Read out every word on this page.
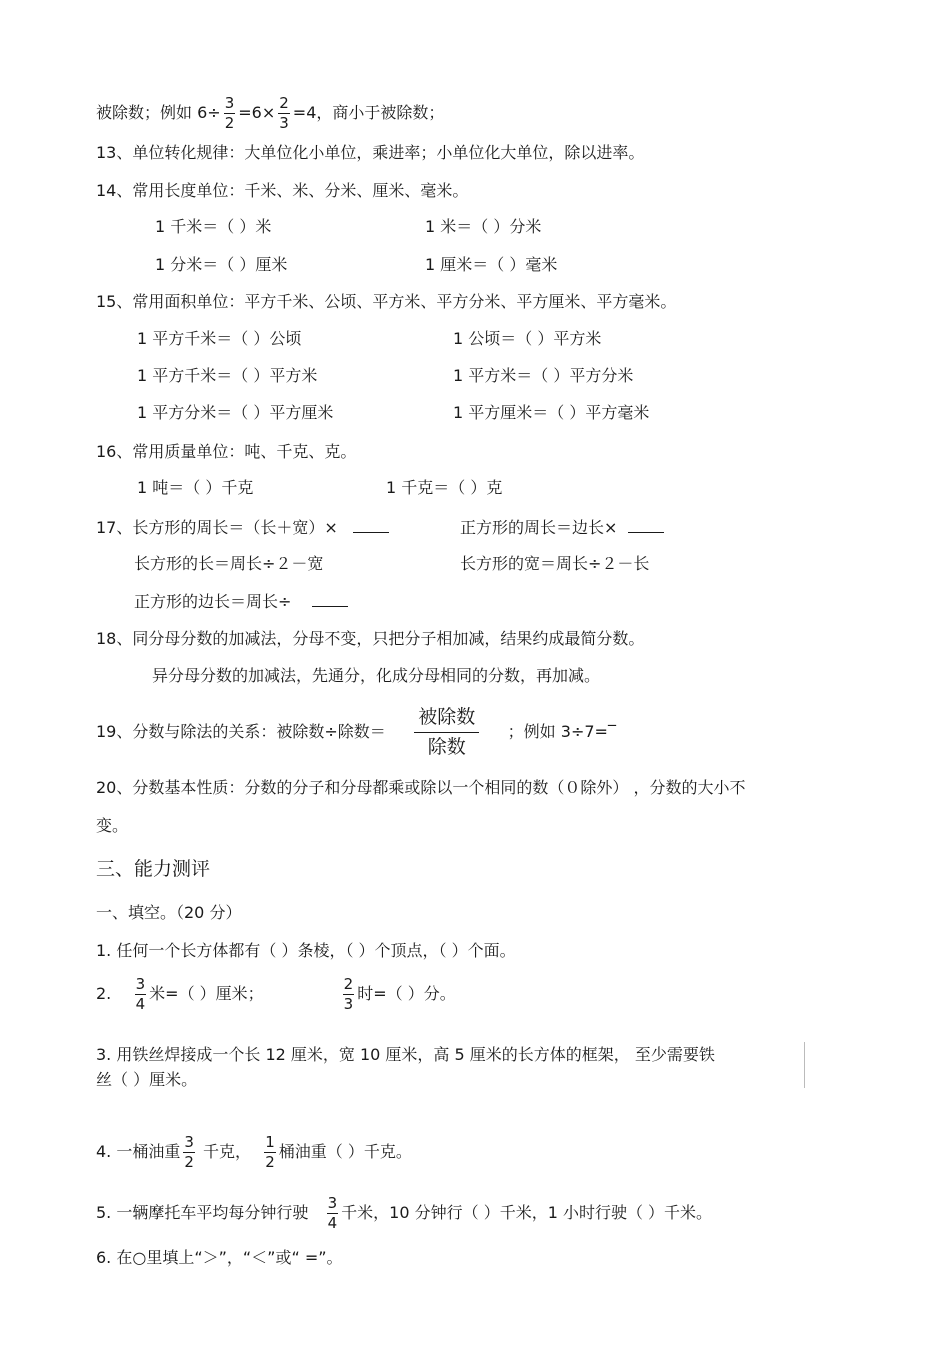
被除数；例如 $6\div \frac{3}{2} =6\times \frac{2}{3} =4$，商小于被除数；
13、单位转化规律：大单位化小单位，乘进率；小单位化大单位，除以进率。
14、常用长度单位：千米、米、分米、厘米、毫米。
1 千米＝（ ）米	1 米＝（ ）分米
1 分米＝（ ）厘米	1 厘米＝（ ）毫米
15、常用面积单位：平方千米、公顷、平方米、平方分米、平方厘米、平方毫米。
1 平方千米＝（ ）公顷	1 公顷＝（ ）平方米
1 平方千米＝（ ）平方米	1 平方米＝（ ）平方分米
1 平方分米＝（ ）平方厘米	1 平方厘米＝（ ）平方毫米
16、常用质量单位：吨、千克、克。
1 吨＝（ ）千克	1 千克＝（ ）克
17、长方形的周长＝（长＋宽）×	正方形的周长＝边长×
长方形的长＝周长÷２－宽	长方形的宽＝周长÷２－长
正方形的边长＝周长÷
18、同分母分数的加减法，分母不变，只把分子相加减，结果约成最简分数。
异分母分数的加减法，先通分，化成分母相同的分数，再加减。
19、分数与除法的关系：被除数÷除数＝ $\frac{\text{被除数}}{\text{除数}}$ ；例如 3÷7=‾
20、分数基本性质：分数的分子和分母都乘或除以一个相同的数（０除外） ，分数的大小不
变。
三、能力测评
一、填空。（20 分）
1. 任何一个长方体都有（ ）条棱，（ ）个顶点，（ ）个面。
2. $\frac{3}{4}$ 米=（ ）厘米；	$\frac{2}{3}$ 时=（ ）分。
3. 用铁丝焊接成一个长 12 厘米，宽 10 厘米，高 5 厘米的长方体的框架， 至少需要铁
丝（ ）厘米。
4. 一桶油重 $\frac{3}{2}$ 千克， $\frac{1}{2}$ 桶油重（ ）千克。
5. 一辆摩托车平均每分钟行驶 $\frac{3}{4}$ 千米，10 分钟行（ ）千米，1 小时行驶（ ）千米。
6. 在○里填上“＞”，“＜”或“ =”。
